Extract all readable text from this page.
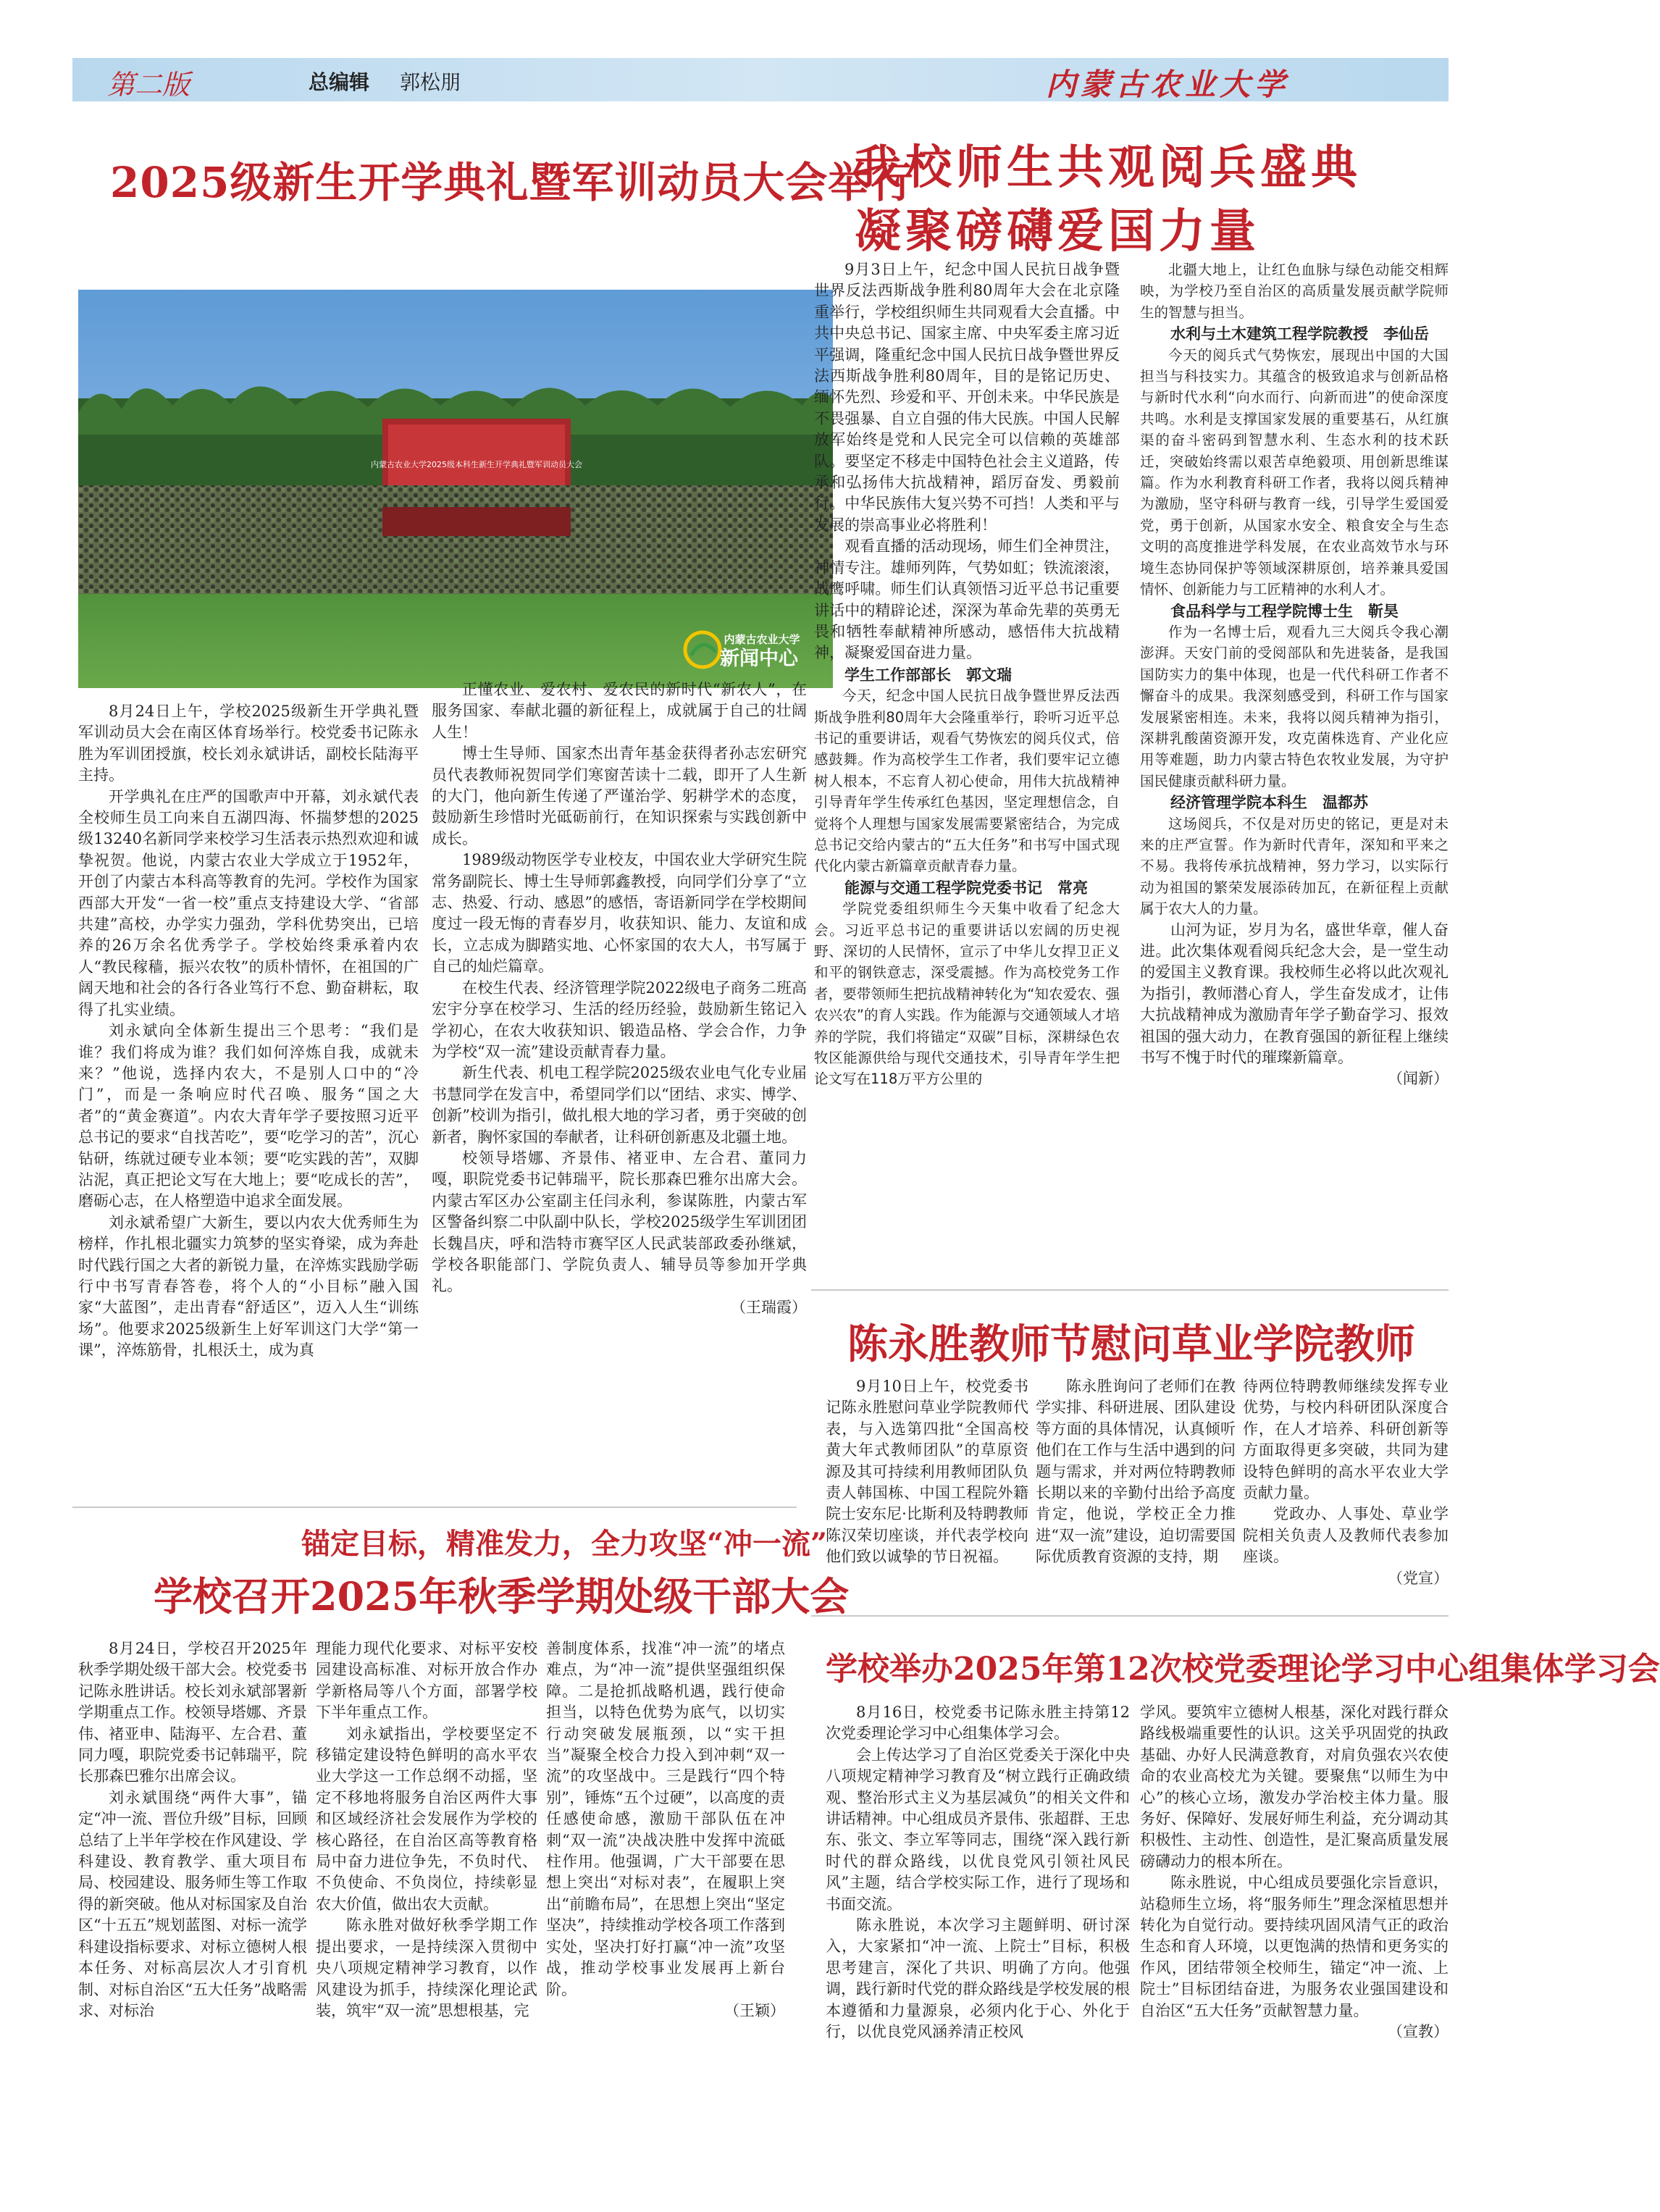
第二版	总编辑 郭松朋	内蒙古农业大学
2025级新生开学典礼暨军训动员大会举行
内蒙古农业大学2025级本科生新生开学典礼暨军训动员大会
内蒙古农业大学
新闻中心

8月24日上午，学校2025级新生开学典礼暨军训动员大会在南区体育场举行。校党委书记陈永胜为军训团授旗，校长刘永斌讲话，副校长陆海平主持。

开学典礼在庄严的国歌声中开幕，刘永斌代表全校师生员工向来自五湖四海、怀揣梦想的2025级13240名新同学来校学习生活表示热烈欢迎和诚挚祝贺。他说，内蒙古农业大学成立于1952年，开创了内蒙古本科高等教育的先河。学校作为国家西部大开发“一省一校”重点支持建设大学、“省部共建”高校，办学实力强劲，学科优势突出，已培养的26万余名优秀学子。学校始终秉承着内农人“教民稼穑，振兴农牧”的质朴情怀，在祖国的广阔天地和社会的各行各业笃行不怠、勤奋耕耘，取得了扎实业绩。

刘永斌向全体新生提出三个思考：“我们是谁？我们将成为谁？我们如何淬炼自我，成就未来？”他说，选择内农大，不是别人口中的“冷门”，而是一条响应时代召唤、服务“国之大者”的“黄金赛道”。内农大青年学子要按照习近平总书记的要求“自找苦吃”，要“吃学习的苦”，沉心钻研，练就过硬专业本领；要“吃实践的苦”，双脚沾泥，真正把论文写在大地上；要“吃成长的苦”，磨砺心志，在人格塑造中追求全面发展。

刘永斌希望广大新生，要以内农大优秀师生为榜样，作扎根北疆实力筑梦的坚实脊梁，成为奔赴时代践行国之大者的新锐力量，在淬炼实践励学砺行中书写青春答卷，将个人的“小目标”融入国家“大蓝图”，走出青春“舒适区”，迈入人生“训练场”。他要求2025级新生上好军训这门大学“第一课”，淬炼筋骨，扎根沃土，成为真

正懂农业、爱农村、爱农民的新时代“新农人”，在服务国家、奉献北疆的新征程上，成就属于自己的壮阔人生！

博士生导师、国家杰出青年基金获得者孙志宏研究员代表教师祝贺同学们寒窗苦读十二载，即开了人生新的大门，他向新生传递了严谨治学、躬耕学术的态度，鼓励新生珍惜时光砥砺前行，在知识探索与实践创新中成长。

1989级动物医学专业校友，中国农业大学研究生院常务副院长、博士生导师郭鑫教授，向同学们分享了“立志、热爱、行动、感恩”的感悟，寄语新同学在学校期间度过一段无悔的青春岁月，收获知识、能力、友谊和成长，立志成为脚踏实地、心怀家国的农大人，书写属于自己的灿烂篇章。

在校生代表、经济管理学院2022级电子商务二班高宏宇分享在校学习、生活的经历经验，鼓励新生铭记入学初心，在农大收获知识、锻造品格、学会合作，力争为学校“双一流”建设贡献青春力量。

新生代表、机电工程学院2025级农业电气化专业届书慧同学在发言中，希望同学们以“团结、求实、博学、创新”校训为指引，做扎根大地的学习者，勇于突破的创新者，胸怀家国的奉献者，让科研创新惠及北疆土地。

校领导塔娜、齐景伟、褚亚申、左合君、董同力嘎，职院党委书记韩瑞平，院长那森巴雅尔出席大会。内蒙古军区办公室副主任闫永利，参谋陈胜，内蒙古军区警备纠察二中队副中队长，学校2025级学生军训团团长魏昌庆，呼和浩特市赛罕区人民武装部政委孙继斌，学校各职能部门、学院负责人、辅导员等参加开学典礼。

（王瑞霞）

我校师生共观阅兵盛典
凝聚磅礴爱国力量

9月3日上午，纪念中国人民抗日战争暨世界反法西斯战争胜利80周年大会在北京隆重举行，学校组织师生共同观看大会直播。中共中央总书记、国家主席、中央军委主席习近平强调，隆重纪念中国人民抗日战争暨世界反法西斯战争胜利80周年，目的是铭记历史、缅怀先烈、珍爱和平、开创未来。中华民族是不畏强暴、自立自强的伟大民族。中国人民解放军始终是党和人民完全可以信赖的英雄部队。要坚定不移走中国特色社会主义道路，传承和弘扬伟大抗战精神，蹈厉奋发、勇毅前行。中华民族伟大复兴势不可挡！人类和平与发展的崇高事业必将胜利！

观看直播的活动现场，师生们全神贯注，神情专注。雄师列阵，气势如虹；铁流滚滚，战鹰呼啸。师生们认真领悟习近平总书记重要讲话中的精辟论述，深深为革命先辈的英勇无畏和牺牲奉献精神所感动，感悟伟大抗战精神，凝聚爱国奋进力量。

学生工作部部长　郭文瑞

今天，纪念中国人民抗日战争暨世界反法西斯战争胜利80周年大会隆重举行，聆听习近平总书记的重要讲话，观看气势恢宏的阅兵仪式，倍感鼓舞。作为高校学生工作者，我们要牢记立德树人根本，不忘育人初心使命，用伟大抗战精神引导青年学生传承红色基因，坚定理想信念，自觉将个人理想与国家发展需要紧密结合，为完成总书记交给内蒙古的“五大任务”和书写中国式现代化内蒙古新篇章贡献青春力量。

能源与交通工程学院党委书记　常亮

学院党委组织师生今天集中收看了纪念大会。习近平总书记的重要讲话以宏阔的历史视野、深切的人民情怀，宣示了中华儿女捍卫正义和平的钢铁意志，深受震撼。作为高校党务工作者，要带领师生把抗战精神转化为“知农爱农、强农兴农”的育人实践。作为能源与交通领域人才培养的学院，我们将锚定“双碳”目标，深耕绿色农牧区能源供给与现代交通技术，引导青年学生把论文写在118万平方公里的

北疆大地上，让红色血脉与绿色动能交相辉映，为学校乃至自治区的高质量发展贡献学院师生的智慧与担当。

水利与土木建筑工程学院教授　李仙岳

今天的阅兵式气势恢宏，展现出中国的大国担当与科技实力。其蕴含的极致追求与创新品格与新时代水利“向水而行、向新而进”的使命深度共鸣。水利是支撑国家发展的重要基石，从红旗渠的奋斗密码到智慧水利、生态水利的技术跃迁，突破始终需以艰苦卓绝毅项、用创新思维谋篇。作为水利教育科研工作者，我将以阅兵精神为激励，坚守科研与教育一线，引导学生爱国爱党，勇于创新，从国家水安全、粮食安全与生态文明的高度推进学科发展，在农业高效节水与环境生态协同保护等领域深耕原创，培养兼具爱国情怀、创新能力与工匠精神的水利人才。

食品科学与工程学院博士生　靳昊

作为一名博士后，观看九三大阅兵令我心潮澎湃。天安门前的受阅部队和先进装备，是我国国防实力的集中体现，也是一代代科研工作者不懈奋斗的成果。我深刻感受到，科研工作与国家发展紧密相连。未来，我将以阅兵精神为指引，深耕乳酸菌资源开发，攻克菌株选育、产业化应用等难题，助力内蒙古特色农牧业发展，为守护国民健康贡献科研力量。

经济管理学院本科生　温都苏

这场阅兵，不仅是对历史的铭记，更是对未来的庄严宣誓。作为新时代青年，深知和平来之不易。我将传承抗战精神，努力学习，以实际行动为祖国的繁荣发展添砖加瓦，在新征程上贡献属于农大人的力量。

山河为证，岁月为名，盛世华章，催人奋进。此次集体观看阅兵纪念大会，是一堂生动的爱国主义教育课。我校师生必将以此次观礼为指引，教师潜心育人，学生奋发成才，让伟大抗战精神成为激励青年学子勤奋学习、报效祖国的强大动力，在教育强国的新征程上继续书写不愧于时代的璀璨新篇章。

（闻新）

陈永胜教师节慰问草业学院教师

9月10日上午，校党委书记陈永胜慰问草业学院教师代表，与入选第四批“全国高校黄大年式教师团队”的草原资源及其可持续利用教师团队负责人韩国栋、中国工程院外籍院士安东尼·比斯利及特聘教师陈汉荣切座谈，并代表学校向他们致以诚挚的节日祝福。

陈永胜询问了老师们在教学实排、科研进展、团队建设等方面的具体情况，认真倾听他们在工作与生活中遇到的问题与需求，并对两位特聘教师长期以来的辛勤付出给予高度肯定，他说，学校正全力推进“双一流”建设，迫切需要国际优质教育资源的支持，期

待两位特聘教师继续发挥专业优势，与校内科研团队深度合作，在人才培养、科研创新等方面取得更多突破，共同为建设特色鲜明的高水平农业大学贡献力量。

党政办、人事处、草业学院相关负责人及教师代表参加座谈。

（党宣）

锚定目标，精准发力，全力攻坚“冲一流”
学校召开2025年秋季学期处级干部大会

8月24日，学校召开2025年秋季学期处级干部大会。校党委书记陈永胜讲话。校长刘永斌部署新学期重点工作。校领导塔娜、齐景伟、褚亚申、陆海平、左合君、董同力嘎，职院党委书记韩瑞平，院长那森巴雅尔出席会议。

刘永斌围绕“两件大事”，锚定“冲一流、晋位升级”目标，回顾总结了上半年学校在作风建设、学科建设、教育教学、重大项目布局、校园建设、服务师生等工作取得的新突破。他从对标国家及自治区“十五五”规划蓝图、对标一流学科建设指标要求、对标立德树人根本任务、对标高层次人才引育机制、对标自治区“五大任务”战略需求、对标治

理能力现代化要求、对标平安校园建设高标准、对标开放合作办学新格局等八个方面，部署学校下半年重点工作。

刘永斌指出，学校要坚定不移锚定建设特色鲜明的高水平农业大学这一工作总纲不动摇，坚定不移地将服务自治区两件大事和区域经济社会发展作为学校的核心路径，在自治区高等教育格局中奋力进位争先，不负时代、不负使命、不负岗位，持续彰显农大价值，做出农大贡献。

陈永胜对做好秋季学期工作提出要求，一是持续深入贯彻中央八项规定精神学习教育，以作风建设为抓手，持续深化理论武装，筑牢“双一流”思想根基，完

善制度体系，找准“冲一流”的堵点难点，为“冲一流”提供坚强组织保障。二是抢抓战略机遇，践行使命担当，以特色优势为底气，以切实行动突破发展瓶颈，以“实干担当”凝聚全校合力投入到冲刺“双一流”的攻坚战中。三是践行“四个特别”，锤炼“五个过硬”，以高度的责任感使命感，激励干部队伍在冲刺“双一流”决战决胜中发挥中流砥柱作用。他强调，广大干部要在思想上突出“对标对表”，在履职上突出“前瞻布局”，在思想上突出“坚定坚决”，持续推动学校各项工作落到实处，坚决打好打赢“冲一流”攻坚战，推动学校事业发展再上新台阶。

（王颖）

学校举办2025年第12次校党委理论学习中心组集体学习会

8月16日，校党委书记陈永胜主持第12次党委理论学习中心组集体学习会。

会上传达学习了自治区党委关于深化中央八项规定精神学习教育及“树立践行正确政绩观、整治形式主义为基层减负”的相关文件和讲话精神。中心组成员齐景伟、张超群、王忠东、张文、李立军等同志，围绕“深入践行新时代的群众路线，以优良党风引领社风民风”主题，结合学校实际工作，进行了现场和书面交流。

陈永胜说，本次学习主题鲜明、研讨深入，大家紧扣“冲一流、上院士”目标，积极思考建言，深化了共识、明确了方向。他强调，践行新时代党的群众路线是学校发展的根本遵循和力量源泉，必须内化于心、外化于行，以优良党风涵养清正校风

学风。要筑牢立德树人根基，深化对践行群众路线极端重要性的认识。这关乎巩固党的执政基础、办好人民满意教育，对肩负强农兴农使命的农业高校尤为关键。要聚焦“以师生为中心”的核心立场，激发办学治校主体力量。服务好、保障好、发展好师生利益，充分调动其积极性、主动性、创造性，是汇聚高质量发展磅礴动力的根本所在。

陈永胜说，中心组成员要强化宗旨意识，站稳师生立场，将“服务师生”理念深植思想并转化为自觉行动。要持续巩固风清气正的政治生态和育人环境，以更饱满的热情和更务实的作风，团结带领全校师生，锚定“冲一流、上院士”目标团结奋进，为服务农业强国建设和自治区“五大任务”贡献智慧力量。

（宣教）
